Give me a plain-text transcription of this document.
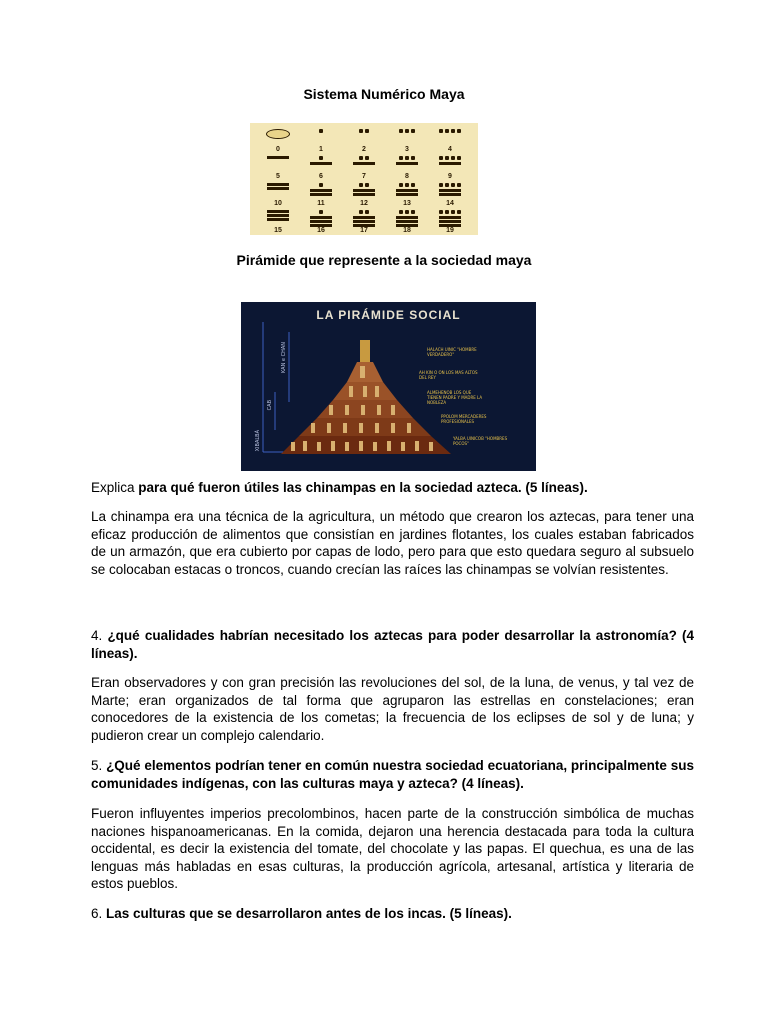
Sistema Numérico Maya
0	1	2	3	4
5	6	7	8	9
10	11	12	13	14
15	16	17	18	19
Pirámide que represente a la sociedad maya
LA PIRÁMIDE SOCIAL
HALACH UINIC "HOMBRE VERDADERO"
AH KIN O ON LOS MAS ALTOS DEL REY
ALMEHENOB LOS QUE TIENEN PADRE Y MADRE LA NOBLEZA
PPOLOM MERCADERES PROFESIONALES
YALBA UINICOB "HOMBRES POCOS"
XIBALBÁ
CAB
KAN e CHAN
Explica para qué fueron útiles las chinampas en la sociedad azteca. (5 líneas).
La chinampa era una técnica de la agricultura, un método que crearon los aztecas, para tener una eficaz producción de alimentos que consistían en jardines flotantes, los cuales estaban fabricados de un armazón, que era cubierto por capas de lodo, pero para que esto quedara seguro al subsuelo se colocaban estacas o troncos, cuando crecían las raíces las chinampas se volvían resistentes.
4. ¿qué cualidades habrían necesitado los aztecas para poder desarrollar la astronomía? (4 líneas).
Eran observadores y con gran precisión las revoluciones del sol, de la luna, de venus, y tal vez de Marte; eran organizados de tal forma que agruparon las estrellas en constelaciones; eran conocedores de la existencia de los cometas; la frecuencia de los eclipses de sol y de luna; y pudieron crear un complejo calendario.
5. ¿Qué elementos podrían tener en común nuestra sociedad ecuatoriana, principalmente sus comunidades indígenas, con las culturas maya y azteca? (4 líneas).
Fueron influyentes imperios precolombinos, hacen parte de la construcción simbólica de muchas naciones hispanoamericanas. En la comida, dejaron una herencia destacada para toda la cultura occidental, es decir la existencia del tomate, del chocolate y las papas. El quechua, es una de las lenguas más habladas en esas culturas, la producción agrícola, artesanal, artística y literaria de estos pueblos.
6. Las culturas que se desarrollaron antes de los incas. (5 líneas).
